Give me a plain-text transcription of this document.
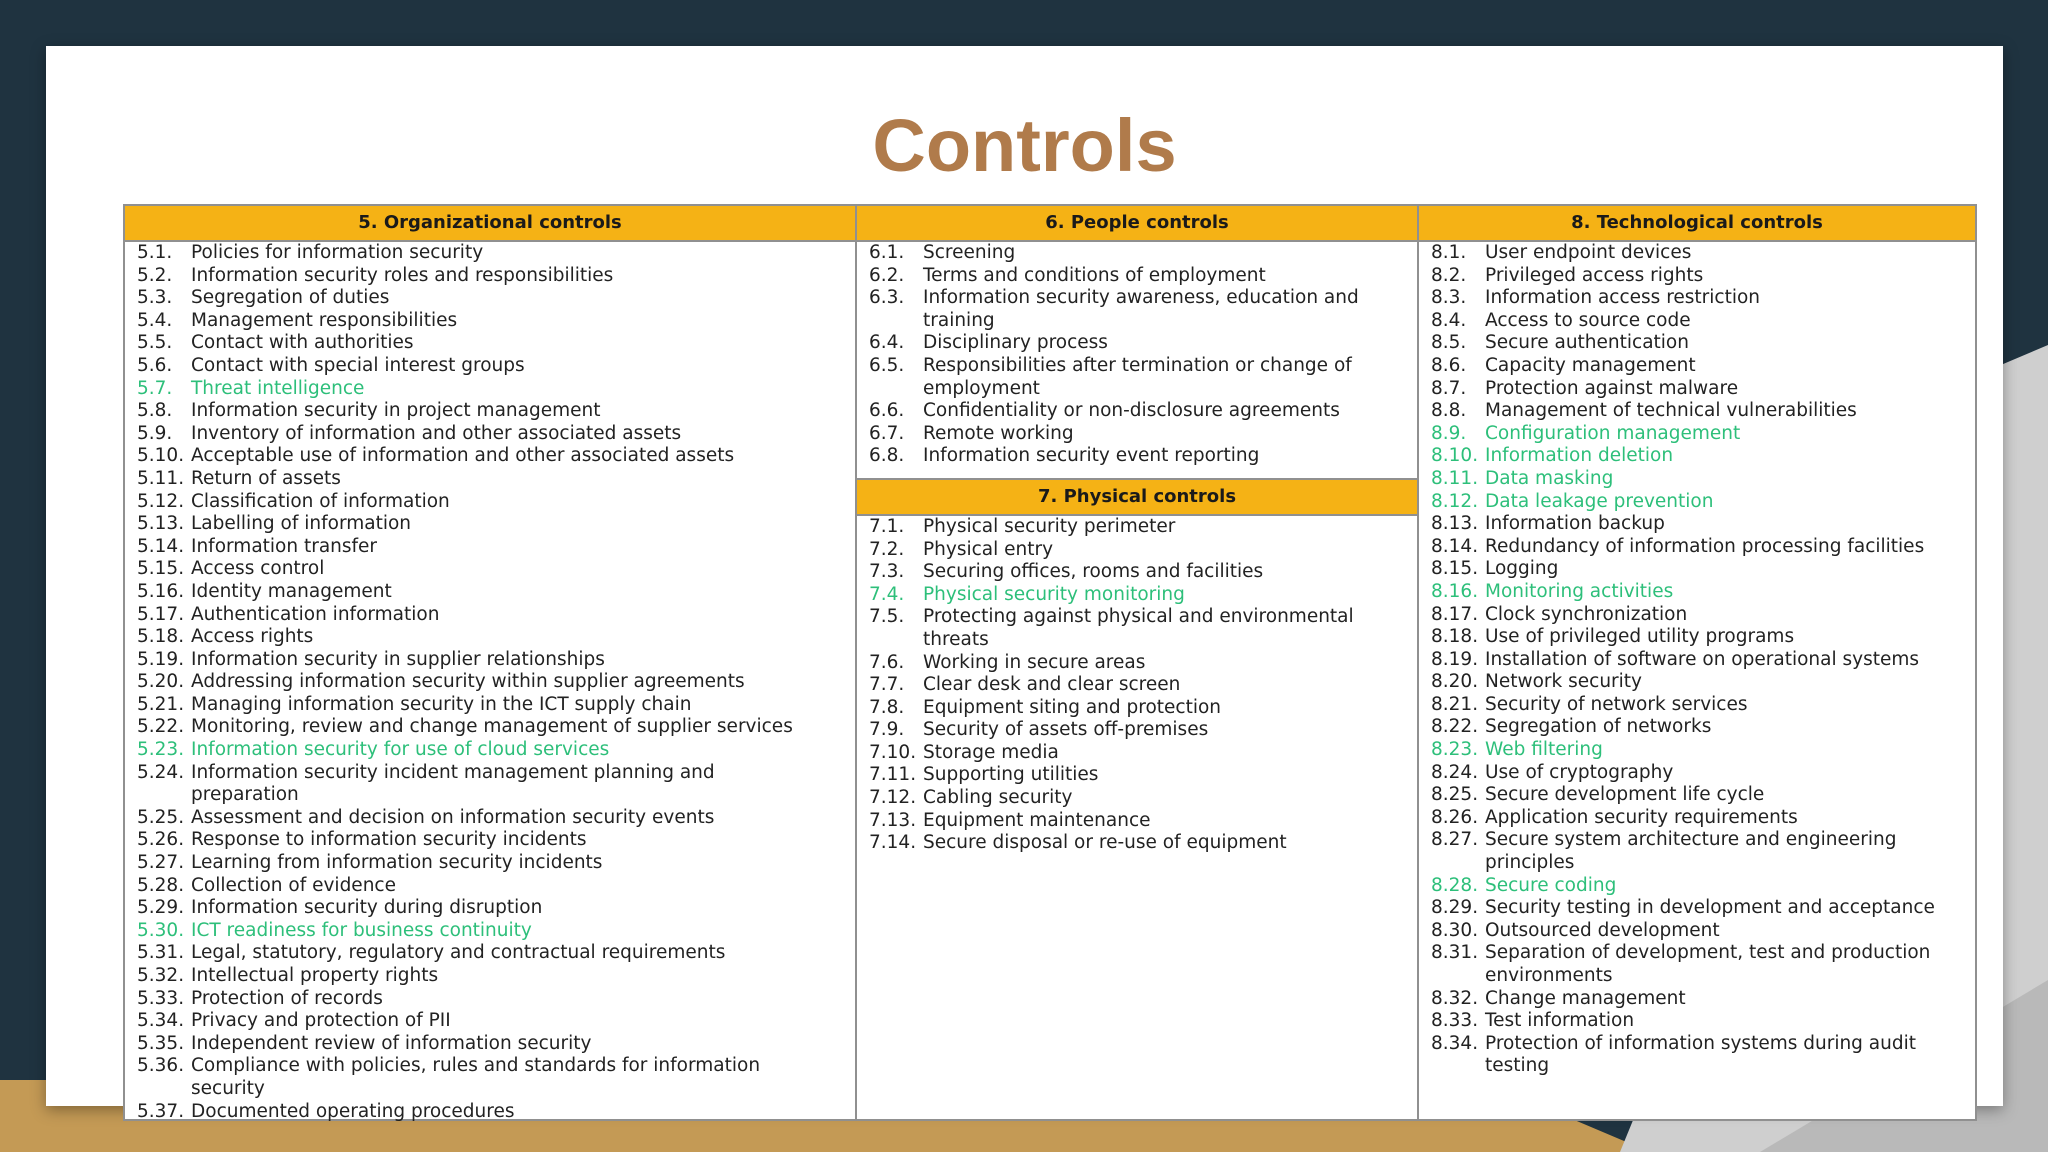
Controls
5. Organizational controls
5.1.	Policies for information security
5.2.	Information security roles and responsibilities
5.3.	Segregation of duties
5.4.	Management responsibilities
5.5.	Contact with authorities
5.6.	Contact with special interest groups
5.7.	Threat intelligence
5.8.	Information security in project management
5.9.	Inventory of information and other associated assets
5.10. Acceptable use of information and other associated assets
5.11. Return of assets
5.12. Classification of information
5.13. Labelling of information
5.14. Information transfer
5.15. Access control
5.16. Identity management
5.17. Authentication information
5.18. Access rights
5.19. Information security in supplier relationships
5.20. Addressing information security within supplier agreements
5.21. Managing information security in the ICT supply chain
5.22. Monitoring, review and change management of supplier services
5.23. Information security for use of cloud services
5.24. Information security incident management planning and
preparation
5.25. Assessment and decision on information security events
5.26. Response to information security incidents
5.27. Learning from information security incidents
5.28. Collection of evidence
5.29. Information security during disruption
5.30. ICT readiness for business continuity
5.31. Legal, statutory, regulatory and contractual requirements
5.32. Intellectual property rights
5.33. Protection of records
5.34. Privacy and protection of PII
5.35. Independent review of information security
5.36. Compliance with policies, rules and standards for information
security
5.37. Documented operating procedures
6. People controls
6.1.	Screening
6.2.	Terms and conditions of employment
6.3.	Information security awareness, education and training
6.4.	Disciplinary process
6.5.	Responsibilities after termination or change of employment
6.6.	Confidentiality or non-disclosure agreements
6.7.	Remote working
6.8.	Information security event reporting
7. Physical controls
7.1.	Physical security perimeter
7.2.	Physical entry
7.3.	Securing offices, rooms and facilities
7.4.	Physical security monitoring
7.5.	Protecting against physical and environmental threats
7.6.	Working in secure areas
7.7.	Clear desk and clear screen
7.8.	Equipment siting and protection
7.9.	Security of assets off-premises
7.10. Storage media
7.11. Supporting utilities
7.12. Cabling security
7.13. Equipment maintenance
7.14. Secure disposal or re-use of equipment
8. Technological controls
8.1.	User endpoint devices
8.2.	Privileged access rights
8.3.	Information access restriction
8.4.	Access to source code
8.5.	Secure authentication
8.6.	Capacity management
8.7.	Protection against malware
8.8.	Management of technical vulnerabilities
8.9.	Configuration management
8.10. Information deletion
8.11. Data masking
8.12. Data leakage prevention
8.13. Information backup
8.14. Redundancy of information processing facilities
8.15. Logging
8.16. Monitoring activities
8.17. Clock synchronization
8.18. Use of privileged utility programs
8.19. Installation of software on operational systems
8.20. Network security
8.21. Security of network services
8.22. Segregation of networks
8.23. Web filtering
8.24. Use of cryptography
8.25. Secure development life cycle
8.26. Application security requirements
8.27. Secure system architecture and engineering principles
8.28. Secure coding
8.29. Security testing in development and acceptance
8.30. Outsourced development
8.31. Separation of development, test and production environments
8.32. Change management
8.33. Test information
8.34. Protection of information systems during audit testing
